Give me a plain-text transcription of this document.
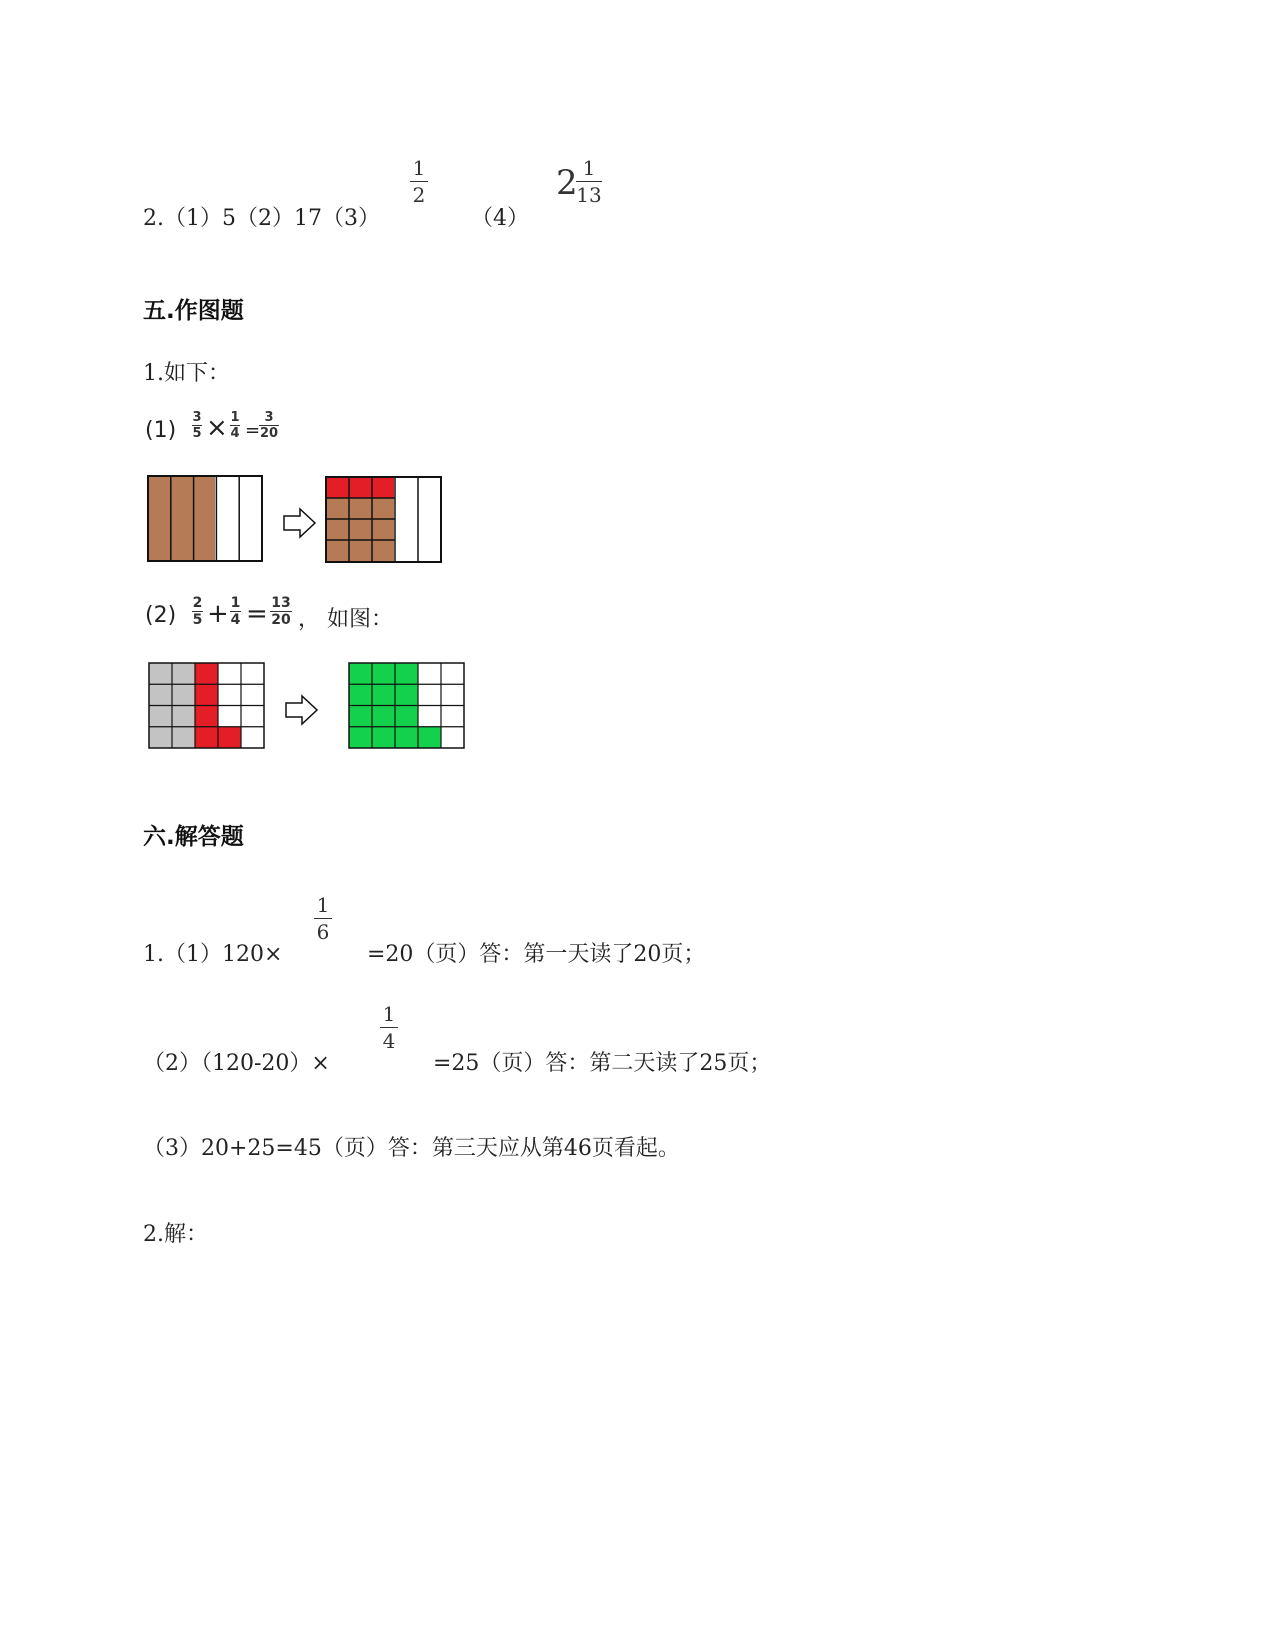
2.（1）5（2）17（3）
1
2
（4）
2 1
13
五.作图题
1.如下：
(1)
3
5 × 1
4 =
3
20
(2) 2
5 + 1
4 = 13
20 ， 如图：
六.解答题
1.（1）120×
1
6
=20（页）答：第一天读了20页；
（2）（120-20）×
1
4
=25（页）答：第二天读了25页；
（3）20+25=45（页）答：第三天应从第46页看起。
2.解：
